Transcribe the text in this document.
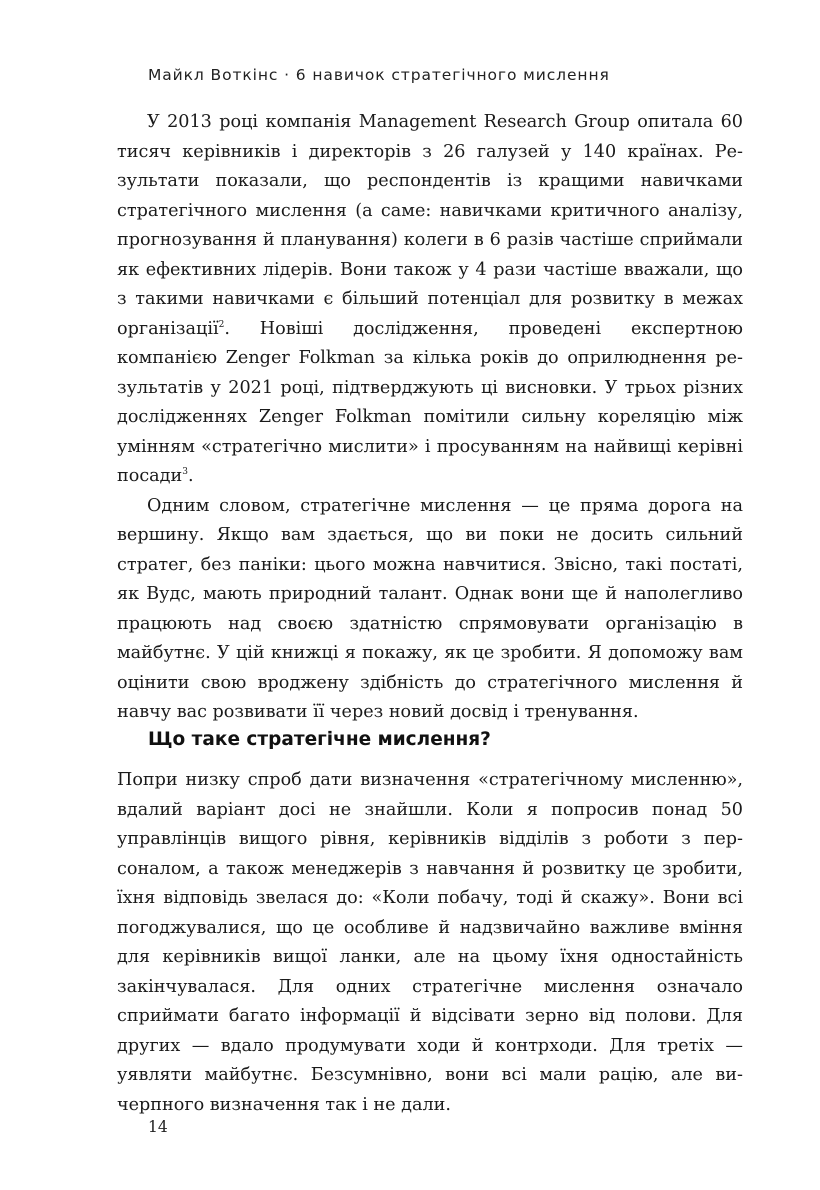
Майкл Воткінс · 6 навичок стратегічного мислення

У 2013 році компанія Management Research Group опитала 60 тисяч керівників і директорів з 26 галузей у 140 країнах. Результати показали, що респондентів із кращими навичками стратегічного мислення (а саме: навичками критичного аналізу, прогнозування й планування) колеги в 6 разів частіше сприймали як ефективних лідерів. Вони також у 4 рази частіше вважали, що з такими навичками є більший потенціал для розвитку в межах організації$^2$. Новіші дослідження, проведені експертною компанією Zenger Folkman за кілька років до оприлюднення результатів у 2021 році, підтверджують ці висновки. У трьох різних дослідженнях Zenger Folkman помітили сильну кореляцію між умінням «стратегічно мислити» і просуванням на найвищі керівні посади$^3$.

Одним словом, стратегічне мислення — це пряма дорога на вершину. Якщо вам здається, що ви поки не досить сильний стратег, без паніки: цього можна навчитися. Звісно, такі постаті, як Вудс, мають природний талант. Однак вони ще й наполегливо працюють над своєю здатністю спрямовувати організацію в майбутнє. У цій книжці я покажу, як це зробити. Я допоможу вам оцінити свою вроджену здібність до стратегічного мислення й навчу вас розвивати її через новий досвід і тренування.

Що таке стратегічне мислення?

Попри низку спроб дати визначення «стратегічному мисленню», вдалий варіант досі не знайшли. Коли я попросив понад 50 управлінців вищого рівня, керівників відділів з роботи з персоналом, а також менеджерів з навчання й розвитку це зробити, їхня відповідь звелася до: «Коли побачу, тоді й скажу». Вони всі погоджувалися, що це особливе й надзвичайно важливе вміння для керівників вищої ланки, але на цьому їхня одностайність закінчувалася. Для одних стратегічне мислення означало сприймати багато інформації й відсівати зерно від полови. Для других — вдало продумувати ходи й контрходи. Для третіх — уявляти майбутнє. Безсумнівно, вони всі мали рацію, але вичерпного визначення так і не дали.

14
